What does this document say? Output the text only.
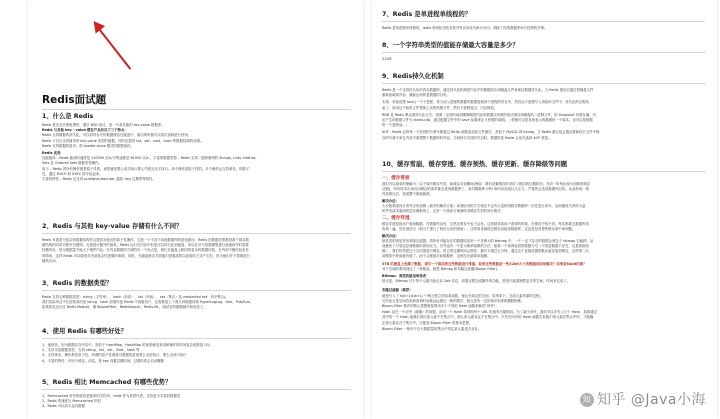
Redis面试题

1、什么是 Redis

Redis 是完全开源免费的，遵守 BSD 协议，是一个高性能的 key-value 数据库。

Redis 与其他 key - value 缓存产品有以下三个特点：

Redis 支持数据的持久化，可以将内存中的数据保存在磁盘中，重启的时候可以再次加载进行使用。

Redis 不仅仅支持简单的 key-value 类型的数据，同时还提供 list，set，zset，hash 等数据结构的存储。

Redis 支持数据的备份，即 master-slave 模式的数据备份。

Redis 优势

性能极高 – Redis 能读的速度是 110000 次/s,写的速度是 81000 次/s 。丰富的数据类型 – Redis 支持二进制案例的 Strings, Lists, Hashes,

Sets 及 Ordered Sets 数据类型操作。

原子 – Redis 的所有操作都是原子性的，意思就是要么成功执行要么失败完全不执行。单个操作是原子性的。多个操作也支持事务，即原子

性，通过 MULTI 和 EXEC 指令包起来。

丰富的特性 – Redis 还支持 publish/subscribe, 通知, key 过期等等特性。

2、Redis 与其他 key-value 存储有什么不同？

Redis 有着更为复杂的数据结构并且提供对他们的原子性操作，这是一个不同于其他数据库的进化路径。Redis 的数据类型都是基于基本数

据结构的同时对程序员透明，无需进行额外的抽象。Redis 运行在内存中但是可以持久化到磁盘，所以在对不同数据集进行高速读写时需要

权衡内存，因为数据量不能大于硬件内存。在内存数据库方面的另一个优点是，相比在磁盘上相同的复杂的数据结构，在内存中操作起来非

常简单，这样 Redis 可以做很多内部复杂性很强的事情。同时，在磁盘格式方面他们是紧凑的以追加的方式产生的，因为他们并不需要进行

随机访问。

3、Redis 的数据类型？

Redis 支持五种数据类型：string（字符串），hash（哈希），list（列表），set（集合）及 zsetsorted set：有序集合)。

我们实际项目中比较常用的是 string，hash 如果你是 Redis 中高级用户，还需要加上下面几种数据结构 HyperLogLog、Geo、Pub/Sub。

如果你说还玩过 Redis Module，像 BloomFilter，RedisSearch，Redis-ML，面试官的眼睛就开始发亮了。

4、使用 Redis 有哪些好处？

1、速度快，因为数据存在内存中，类似于 HashMap，HashMap 的优势就是查找和操作的时间复杂度都是 O1)

2、支持丰富数据类型，支持 string，list，set，Zset，hash 等

3、支持事务，操作都是原子性，所谓的原子性就是对数据的更改要么全部执行，要么全部不执行

4、丰富的特性：可用于缓存，消息，按 key 设置过期时间，过期后将会自动删除

5、Redis 相比 Memcached 有哪些优势？

1、Memcached 所有的值均是简单的字符串，redis 作为其替代者，支持更为丰富的数据类

2、Redis 的速度比 Memcached 快很

3、Redis 可以持久化其数据

7、Redis 是单进程单线程的？

Redis 是单进程单线程的，redis 利用队列技术将并发访问变为串行访问，消除了传统数据库串行控制的开销。

8、一个字符串类型的值能存储最大容量是多少？

512M

9、Redis持久化机制

Redis 是一个支持持久化的内存数据库，通过持久化机制把内存中的数据同步到硬盘文件来保证数据持久化。当 Redis 重启后通过把硬盘文件

重新加载到内存，就能达到恢复数据的目的。

实现：单独创建 fork()一个子进程，将当前父进程的数据库数据复制到子进程的内存中，然后由子进程写入到临时文件中，持久化的过程结

束了，再用这个临时文件替换上次的快照文件，然后子进程退出，内存释放。

RDB 是 Redis 默认的持久化方式。按照一定的时间周期策略把内存的数据以快照的形式保存到硬盘的二进制文件。即 Snapshot 快照存储，对

应产生的数据文件为 dump.rdb，通过配置文件中的 save 参数来定义快照的周期。（快照可以是其所表示的数据的一个副本，也可以是数据

的一个复制品。）

AOF：Redis 会将每一个收到的写命令都通过 Write 函数追加到文件最后，类似于 MySQL 的 binlog。当 Redis 重启是会通过重新执行文件中保

存的写命令来在内存中重建整个数据库的内容。当两种方式同时开启时，数据恢复 Redis 会优先选择 AOF 恢复。

10、缓存雪崩、缓存穿透、缓存预热、缓存更新、缓存降级等问题

一、缓存雪崩

我们可以简单的理解为：由于原有缓存失效，新缓存未到期间(例如：我们设置缓存时采用了相同的过期时间，在同一时刻出现大面积的缓存

过期)，所有原本应该访问缓存的请求都去查询数据库了，而对数据库 CPU 和内存造成巨大压力，严重的会造成数据库宕机。从而形成一系

列连锁反应，造成整个系统崩溃。

解决办法：

大多数系统设计者考虑用加锁（最多的解决方案）或者队列的方式保证不会有大量的线程对数据库一次性进行读写，从而避免失效时大量

的并发请求落到底层存储系统上。还有一个简单方案就时讲缓存失效时间分散开。

二、缓存穿透

缓存穿透是指用户查询数据，在数据库没有，自然在缓存中也不会有。这样就导致用户查询的时候，在缓存中找不到，每次都要去数据库再

查询一遍，然后返回空（相当于进行了两次无用的查询）。这样请求就绕过缓存直接查数据库，这也是经常提的缓存命中率问题。

解决办法：

最常见的则是采用布隆过滤器，将所有可能存在的数据哈希到一个足够大的 bitmap 中，一个一定不存在的数据会被这个 bitmap 拦截掉，从

而避免了对底层存储系统的查询压力。另外也有一个更为简单粗暴的方法，如果一个查询返回的数据为空（不管是数据不存在，还是系统故

障），我们仍然把这个空结果进行缓存，但它的过期时间会很短，最长不超过五分钟。通过这个直接设置的默认值存放到缓存，这样第二次

到缓冲中获取就有值了，而不会继续访问数据库，这种办法最简单粗暴。

5TB 的硬盘上放满了数据，请写一个算法将这些数据进行排重。如果这些数据是一些32bit大小的数据该如何解决？如果是64bit的呢？

对于空间的利用到达了一种极致，就是 Bitmap 和布隆过滤器(Bloom Filter)。

Bitmap：典型的就是哈希表

缺点是，Bitmap 对于每个元素只能记录 1bit 信息，如果还想完成额外的功能，恐怕只能靠牺牲更多的空间、时间来完成了。

布隆过滤器（推荐）

就是引入了 k(k>1)k(k>1) 个相互独立的哈希函数，保证在给定的空间、误判率下，完成元素判重的过程。

它的优点是空间效率和查询时间都远远超过一般的算法，缺点是有一定的误识别率和删除困难。

Bloom-Filter 算法的核心思想就是利用多个不同的 Hash 函数来解决"冲突"。

Hash 存在一个冲突（碰撞）的问题，用同一个 Hash 得到的两个 URL 的值有可能相同。为了减少冲突，我们可以多引入几个 Hash，如果通过

其中的一个 Hash 值我们得出某元素不在集合中，那么该元素肯定不在集合中。只有在所有的 Hash 函数告诉我们该元素在集合中时，才能确

定该元素存在于集合中。这便是 Bloom-Filter 的基本思想。

Bloom-Filter 一般用于在大数据量的集合中判定某元素是否存在。

知 知乎 @Java小海
